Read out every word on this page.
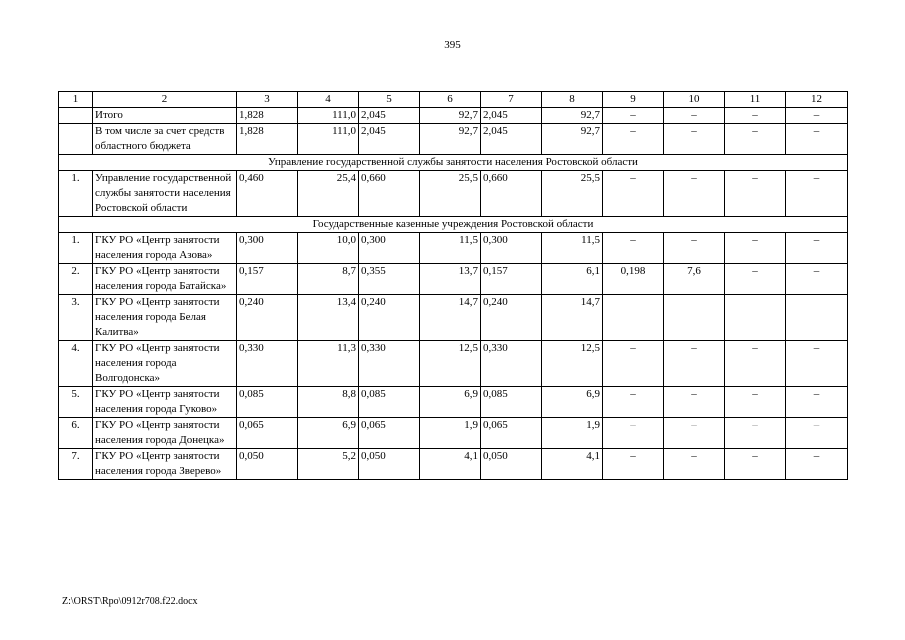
395
1	2	3	4	5	6	7	8	9	10	11	12
	Итого	1,828	111,0	2,045	92,7	2,045	92,7	–	–	–	–
	В том числе за счет средств областного бюджета	1,828	111,0	2,045	92,7	2,045	92,7	–	–	–	–
Управление государственной службы занятости населения Ростовской области											
1.	Управление государственной службы занятости населения Ростовской области	0,460	25,4	0,660	25,5	0,660	25,5	–	–	–	–
Государственные казенные учреждения Ростовской области											
1.	ГКУ РО «Центр занятости населения города Азова»	0,300	10,0	0,300	11,5	0,300	11,5	–	–	–	–
2.	ГКУ РО «Центр занятости населения города Батайска»	0,157	8,7	0,355	13,7	0,157	6,1	0,198	7,6	–	–
3.	ГКУ РО «Центр занятости населения города Белая Калитва»	0,240	13,4	0,240	14,7	0,240	14,7				
4.	ГКУ РО «Центр занятости населения города Волгодонска»	0,330	11,3	0,330	12,5	0,330	12,5	–	–	–	–
5.	ГКУ РО «Центр занятости населения города Гуково»	0,085	8,8	0,085	6,9	0,085	6,9	–	–	–	–
6.	ГКУ РО «Центр занятости населения города Донецка»	0,065	6,9	0,065	1,9	0,065	1,9	–	–	–	–
7.	ГКУ РО «Центр занятости населения города Зверево»	0,050	5,2	0,050	4,1	0,050	4,1	–	–	–	–
Z:\ORST\Rpo\0912r708.f22.docx
